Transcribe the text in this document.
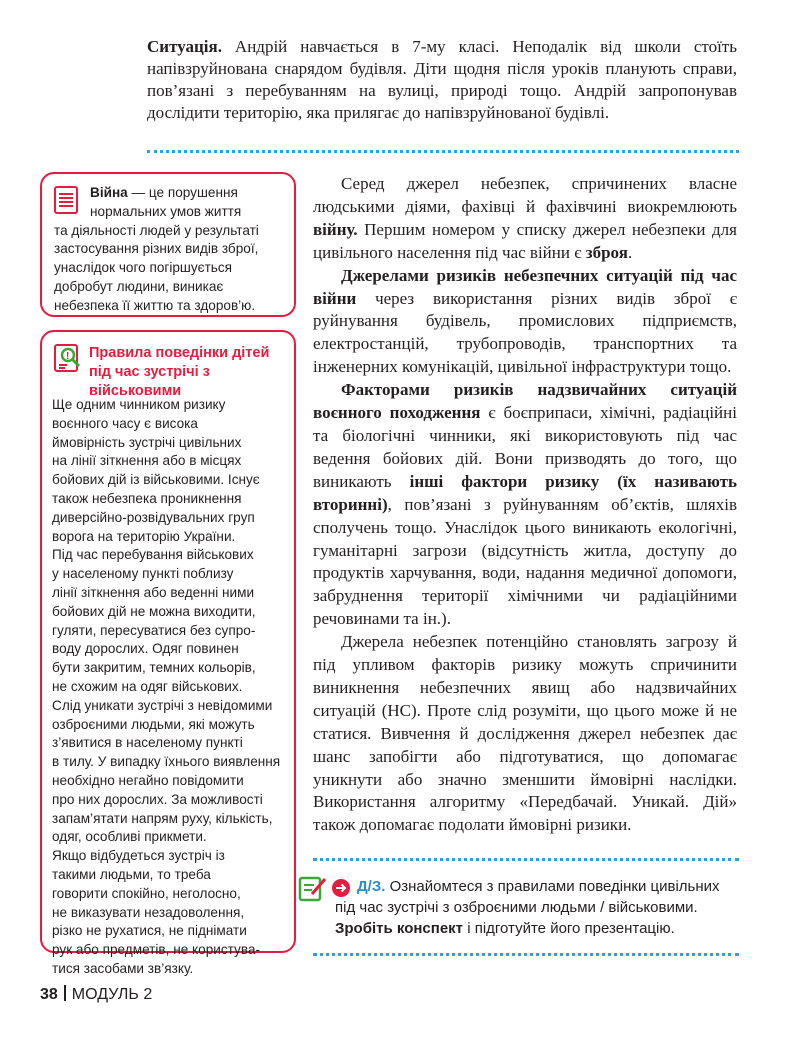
Ситуація. Андрій навчається в 7-му класі. Неподалік від школи стоїть напівзруйнована снарядом будівля. Діти щодня після уроків планують справи, пов’язані з перебуванням на вулиці, природі тощо. Андрій запропонував дослідити територію, яка прилягає до напівзруйнованої будівлі.

Війна — це порушення
нормальних умов життя
та діяльності людей у результаті
застосування різних видів зброї,
унаслідок чого погіршується
добробут людини, виникає
небезпека її життю та здоров’ю.
! Правила поведінки дітей під час зустрічі з військовими

Ще одним чинником ризику
воєнного часу є висока
ймовірність зустрічі цивільних
на лінії зіткнення або в місцях
бойових дій із військовими. Існує
також небезпека проникнення
диверсійно-розвідувальних груп
ворога на територію України.
Під час перебування військових
у населеному пункті поблизу
лінії зіткнення або веденні ними
бойових дій не можна виходити,
гуляти, пересуватися без супро-
воду дорослих. Одяг повинен
бути закритим, темних кольорів,
не схожим на одяг військових.
Слід уникати зустрічі з невідомими
озброєними людьми, які можуть
з’явитися в населеному пункті
в тилу. У випадку їхнього виявлення
необхідно негайно повідомити
про них дорослих. За можливості
запам’ятати напрям руху, кількість,
одяг, особливі прикмети.
Якщо відбудеться зустріч із
такими людьми, то треба
говорити спокійно, неголосно,
не виказувати незадоволення,
різко не рухатися, не піднімати
рук або предметів, не користува-
тися засобами зв’язку.

Серед джерел небезпек, спричинених власне людськими діями, фахівці й фахівчині виокремлюють війну. Першим номером у списку джерел небезпеки для цивільного населення під час війни є зброя.

Джерелами ризиків небезпечних ситуацій під час війни через використання різних видів зброї є руйнування будівель, промислових підприємств, електростанцій, трубопроводів, транспортних та інженерних комунікацій, цивільної інфраструктури тощо.

Факторами ризиків надзвичайних ситуацій воєнного походження є боєприпаси, хімічні, радіаційні та біологічні чинники, які використовують під час ведення бойових дій. Вони призводять до того, що виникають інші фактори ризику (їх називають вторинні), пов’язані з руйнуванням об’єктів, шляхів сполучень тощо. Унаслідок цього виникають екологічні, гуманітарні загрози (відсутність житла, доступу до продуктів харчування, води, надання медичної допомоги, забруднення території хімічними чи радіаційними речовинами та ін.).

Джерела небезпек потенційно становлять загрозу й під упливом факторів ризику можуть спричинити виникнення небезпечних явищ або надзвичайних ситуацій (НС). Проте слід розуміти, що цього може й не статися. Вивчення й дослідження джерел небезпек дає шанс запобігти або підготуватися, що допомагає уникнути або значно зменшити ймовірні наслідки. Використання алгоритму «Передбачай. Уникай. Дій» також допомагає подолати ймовірні ризики.

Д/З. Ознайомтеся з правилами поведінки цивільних під час зустрічі з озброєними людьми / військовими. Зробіть конспект і підготуйте його презентацію.

38 МОДУЛЬ 2
